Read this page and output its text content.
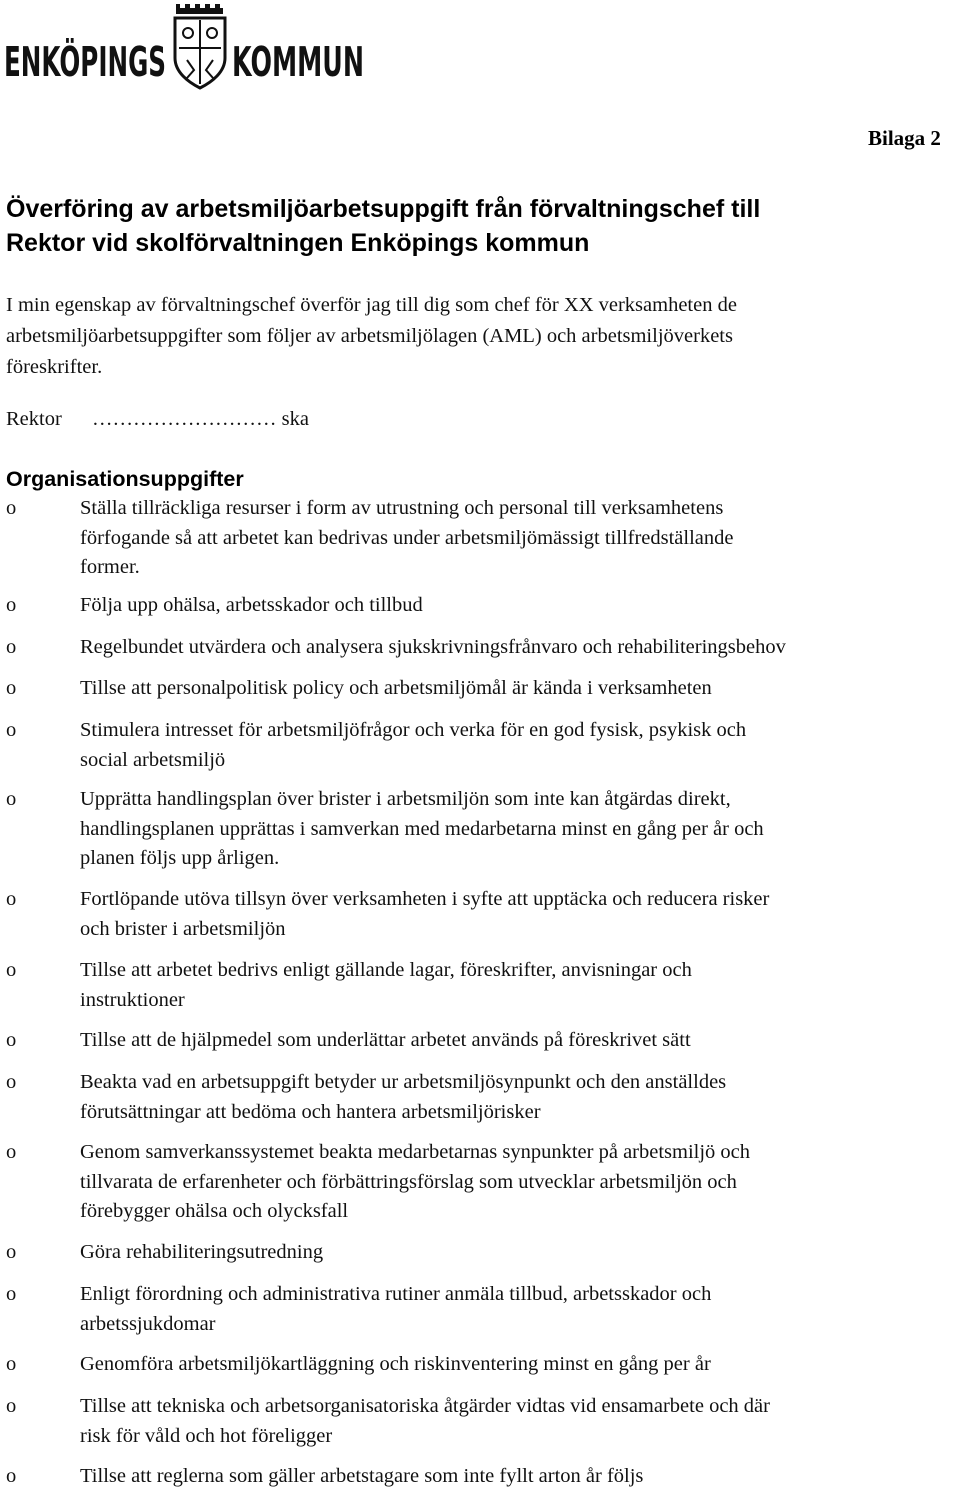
ENKÖPINGS KOMMUN
Bilaga 2
Överföring av arbetsmiljöarbetsuppgift från förvaltningschef till
Rektor vid skolförvaltningen Enköpings kommun
I min egenskap av förvaltningschef överför jag till dig som chef för XX verksamheten de
arbetsmiljöarbetsuppgifter som följer av arbetsmiljölagen (AML) och arbetsmiljöverkets
föreskrifter.
Rektor ……………………… ska
Organisationsuppgifter
o	Ställa tillräckliga resurser i form av utrustning och personal till verksamhetens
förfogande så att arbetet kan bedrivas under arbetsmiljömässigt tillfredställande
former.
o	Följa upp ohälsa, arbetsskador och tillbud
o	Regelbundet utvärdera och analysera sjukskrivningsfrånvaro och rehabiliteringsbehov
o	Tillse att personalpolitisk policy och arbetsmiljömål är kända i verksamheten
o	Stimulera intresset för arbetsmiljöfrågor och verka för en god fysisk, psykisk och
social arbetsmiljö
o	Upprätta handlingsplan över brister i arbetsmiljön som inte kan åtgärdas direkt,
handlingsplanen upprättas i samverkan med medarbetarna minst en gång per år och
planen följs upp årligen.
o	Fortlöpande utöva tillsyn över verksamheten i syfte att upptäcka och reducera risker
och brister i arbetsmiljön
o	Tillse att arbetet bedrivs enligt gällande lagar, föreskrifter, anvisningar och
instruktioner
o	Tillse att de hjälpmedel som underlättar arbetet används på föreskrivet sätt
o	Beakta vad en arbetsuppgift betyder ur arbetsmiljösynpunkt och den anställdes
förutsättningar att bedöma och hantera arbetsmiljörisker
o	Genom samverkanssystemet beakta medarbetarnas synpunkter på arbetsmiljö och
tillvarata de erfarenheter och förbättringsförslag som utvecklar arbetsmiljön och
förebygger ohälsa och olycksfall
o	Göra rehabiliteringsutredning
o	Enligt förordning och administrativa rutiner anmäla tillbud, arbetsskador och
arbetssjukdomar
o	Genomföra arbetsmiljökartläggning och riskinventering minst en gång per år
o	Tillse att tekniska och arbetsorganisatoriska åtgärder vidtas vid ensamarbete och där
risk för våld och hot föreligger
o	Tillse att reglerna som gäller arbetstagare som inte fyllt arton år följs
